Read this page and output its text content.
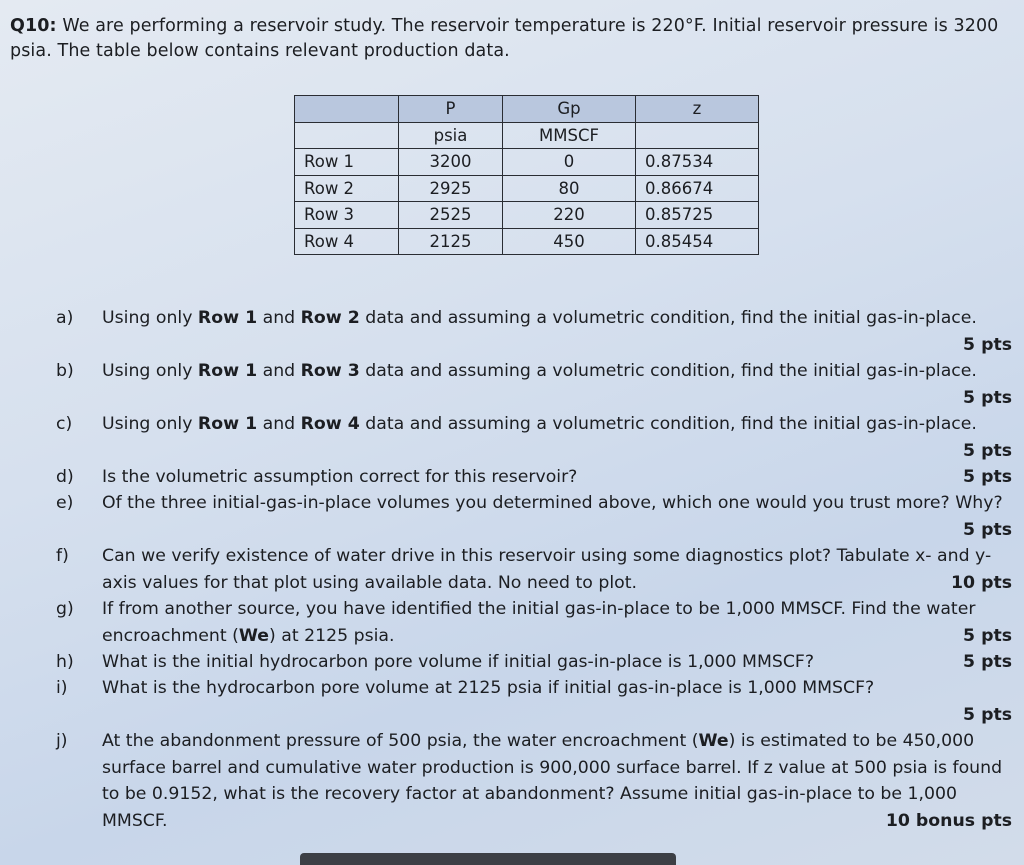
Q10: We are performing a reservoir study. The reservoir temperature is 220°F. Initial reservoir pressure is 3200 psia. The table below contains relevant production data.
	P	Gp	z
	psia	MMSCF	
Row 1	3200	0	0.87534
Row 2	2925	80	0.86674
Row 3	2525	220	0.85725
Row 4	2125	450	0.85454
a)	Using only Row 1 and Row 2 data and assuming a volumetric condition, find the initial gas-in-place.
5 pts
b)	Using only Row 1 and Row 3 data and assuming a volumetric condition, find the initial gas-in-place.
5 pts
c)	Using only Row 1 and Row 4 data and assuming a volumetric condition, find the initial gas-in-place.
5 pts
d)	Is the volumetric assumption correct for this reservoir?	5 pts
e)	Of the three initial-gas-in-place volumes you determined above, which one would you trust more? Why?
5 pts
f)	Can we verify existence of water drive in this reservoir using some diagnostics plot? Tabulate x- and y-axis values for that plot using available data. No need to plot.	10 pts
g)	If from another source, you have identified the initial gas-in-place to be 1,000 MMSCF. Find the water encroachment (We) at 2125 psia.	5 pts
h)	What is the initial hydrocarbon pore volume if initial gas-in-place is 1,000 MMSCF?	5 pts
i)	What is the hydrocarbon pore volume at 2125 psia if initial gas-in-place is 1,000 MMSCF?
5 pts
j)	At the abandonment pressure of 500 psia, the water encroachment (We) is estimated to be 450,000 surface barrel and cumulative water production is 900,000 surface barrel. If z value at 500 psia is found to be 0.9152, what is the recovery factor at abandonment? Assume initial gas-in-place to be 1,000 MMSCF.	10 bonus pts
